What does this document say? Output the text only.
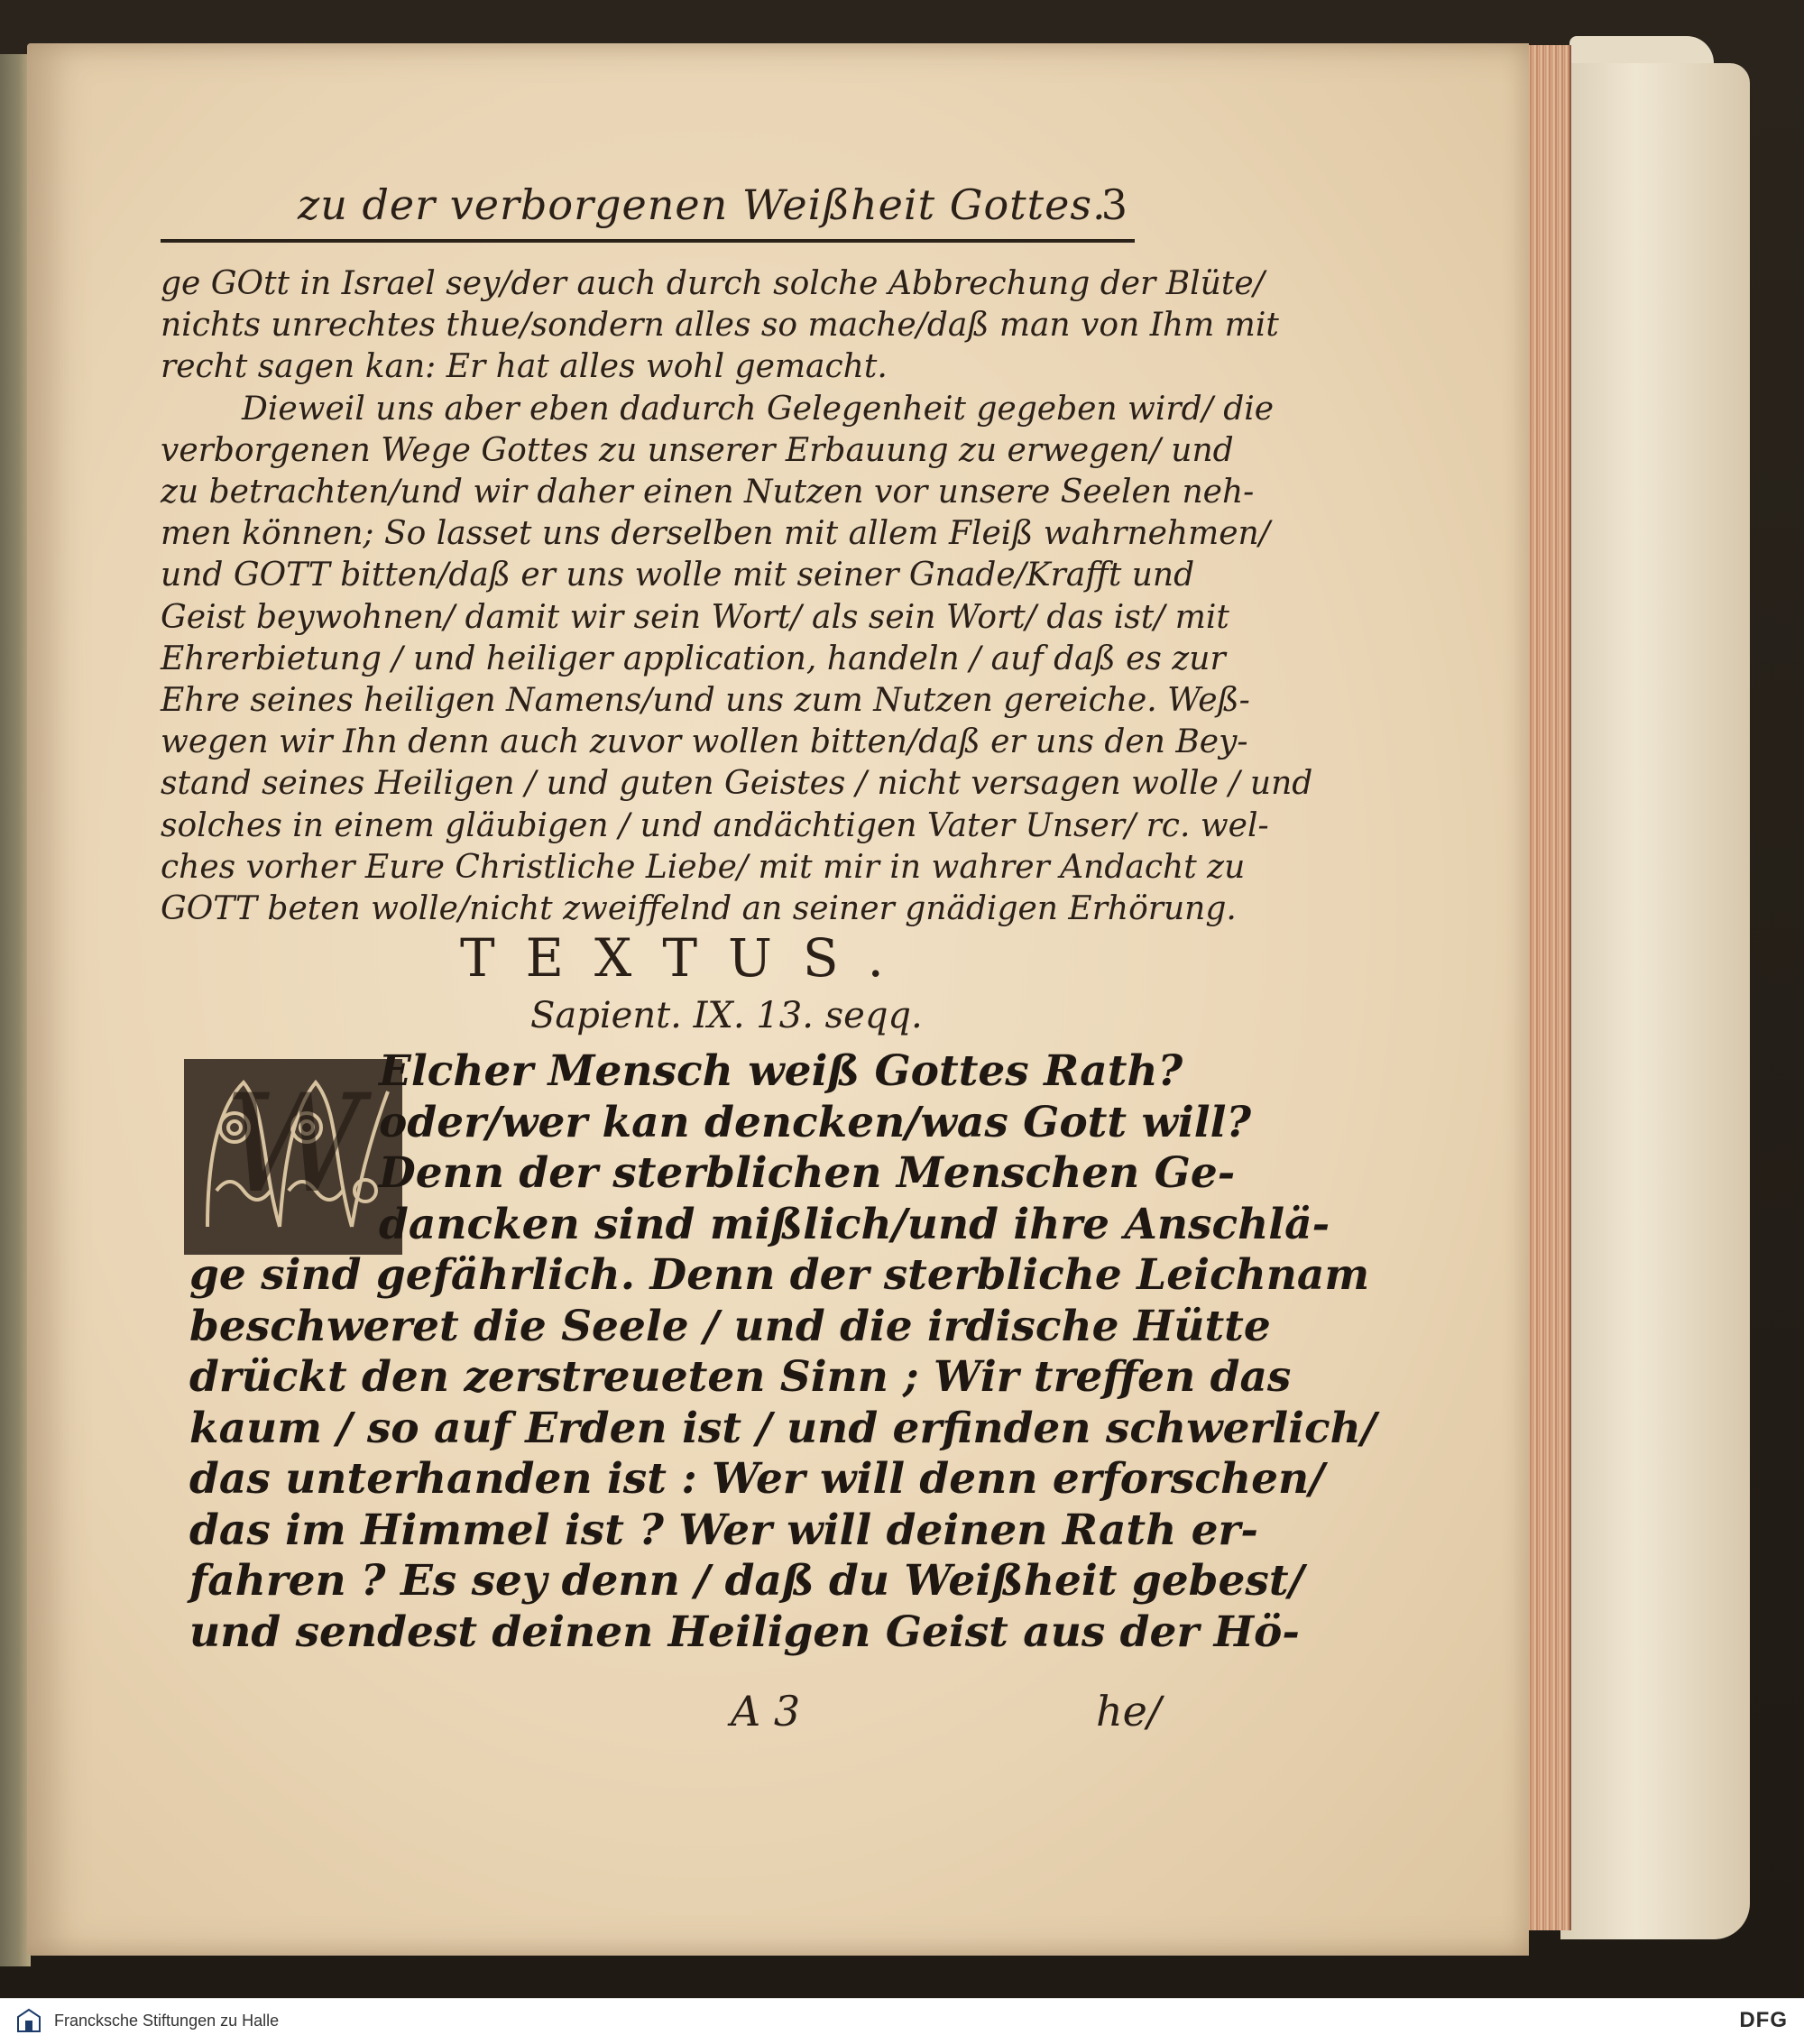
zu der verborgenen Weißheit Gottes.
3
ge GOtt in Israel sey/der auch durch solche Abbrechung der Blüte/
nichts unrechtes thue/sondern alles so mache/daß man von Ihm mit
recht sagen kan: Er hat alles wohl gemacht.
Dieweil uns aber eben dadurch Gelegenheit gegeben wird/ die
verborgenen Wege Gottes zu unserer Erbauung zu erwegen/ und
zu betrachten/und wir daher einen Nutzen vor unsere Seelen neh-
men können; So lasset uns derselben mit allem Fleiß wahrnehmen/
und GOTT bitten/daß er uns wolle mit seiner Gnade/Krafft und
Geist beywohnen/ damit wir sein Wort/ als sein Wort/ das ist/ mit
Ehrerbietung / und heiliger application, handeln / auf daß es zur
Ehre seines heiligen Namens/und uns zum Nutzen gereiche. Weß-
wegen wir Ihn denn auch zuvor wollen bitten/daß er uns den Bey-
stand seines Heiligen / und guten Geistes / nicht versagen wolle / und
solches in einem gläubigen / und andächtigen Vater Unser/ rc. wel-
ches vorher Eure Christliche Liebe/ mit mir in wahrer Andacht zu
GOTT beten wolle/nicht zweiffelnd an seiner gnädigen Erhörung.
TEXTUS.
Sapient. IX. 13. seqq.
W Elcher Mensch weiß Gottes Rath?
oder/wer kan dencken/was Gott will?
Denn der sterblichen Menschen Ge-
dancken sind mißlich/und ihre Anschlä-
ge sind gefährlich. Denn der sterbliche Leichnam
beschweret die Seele / und die irdische Hütte
drückt den zerstreueten Sinn ; Wir treffen das
kaum / so auf Erden ist / und erfinden schwerlich/
das unterhanden ist : Wer will denn erforschen/
das im Himmel ist ? Wer will deinen Rath er-
fahren ? Es sey denn / daß du Weißheit gebest/
und sendest deinen Heiligen Geist aus der Hö-
A 3	he/
Francksche Stiftungen zu Halle	DFG
